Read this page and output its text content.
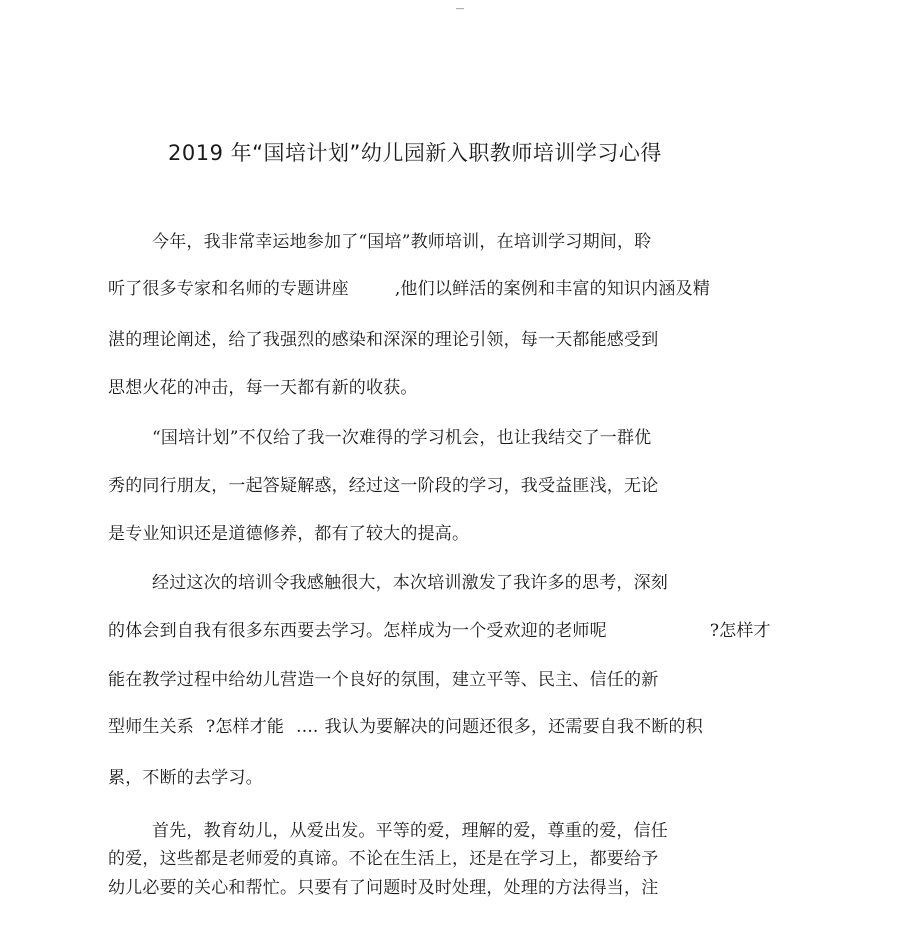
—
2019 年“国培计划”幼儿园新入职教师培训学习心得
今年，我非常幸运地参加了“国培”教师培训，在培训学习期间，聆
听了很多专家和名师的专题讲座	,他们以鲜活的案例和丰富的知识内涵及精
湛的理论阐述，给了我强烈的感染和深深的理论引领，每一天都能感受到
思想火花的冲击，每一天都有新的收获。
“国培计划”不仅给了我一次难得的学习机会，也让我结交了一群优
秀的同行朋友，一起答疑解惑，经过这一阶段的学习，我受益匪浅，无论
是专业知识还是道德修养，都有了较大的提高。
经过这次的培训令我感触很大，本次培训激发了我许多的思考，深刻
的体会到自我有很多东西要去学习。怎样成为一个受欢迎的老师呢	?怎样才
能在教学过程中给幼儿营造一个良好的氛围，建立平等、民主、信任的新
型师生关系 ?怎样才能 .... 我认为要解决的问题还很多，还需要自我不断的积
累，不断的去学习。
首先，教育幼儿，从爱出发。平等的爱，理解的爱，尊重的爱，信任
的爱，这些都是老师爱的真谛。不论在生活上，还是在学习上，都要给予
幼儿必要的关心和帮忙。只要有了问题时及时处理，处理的方法得当，注
